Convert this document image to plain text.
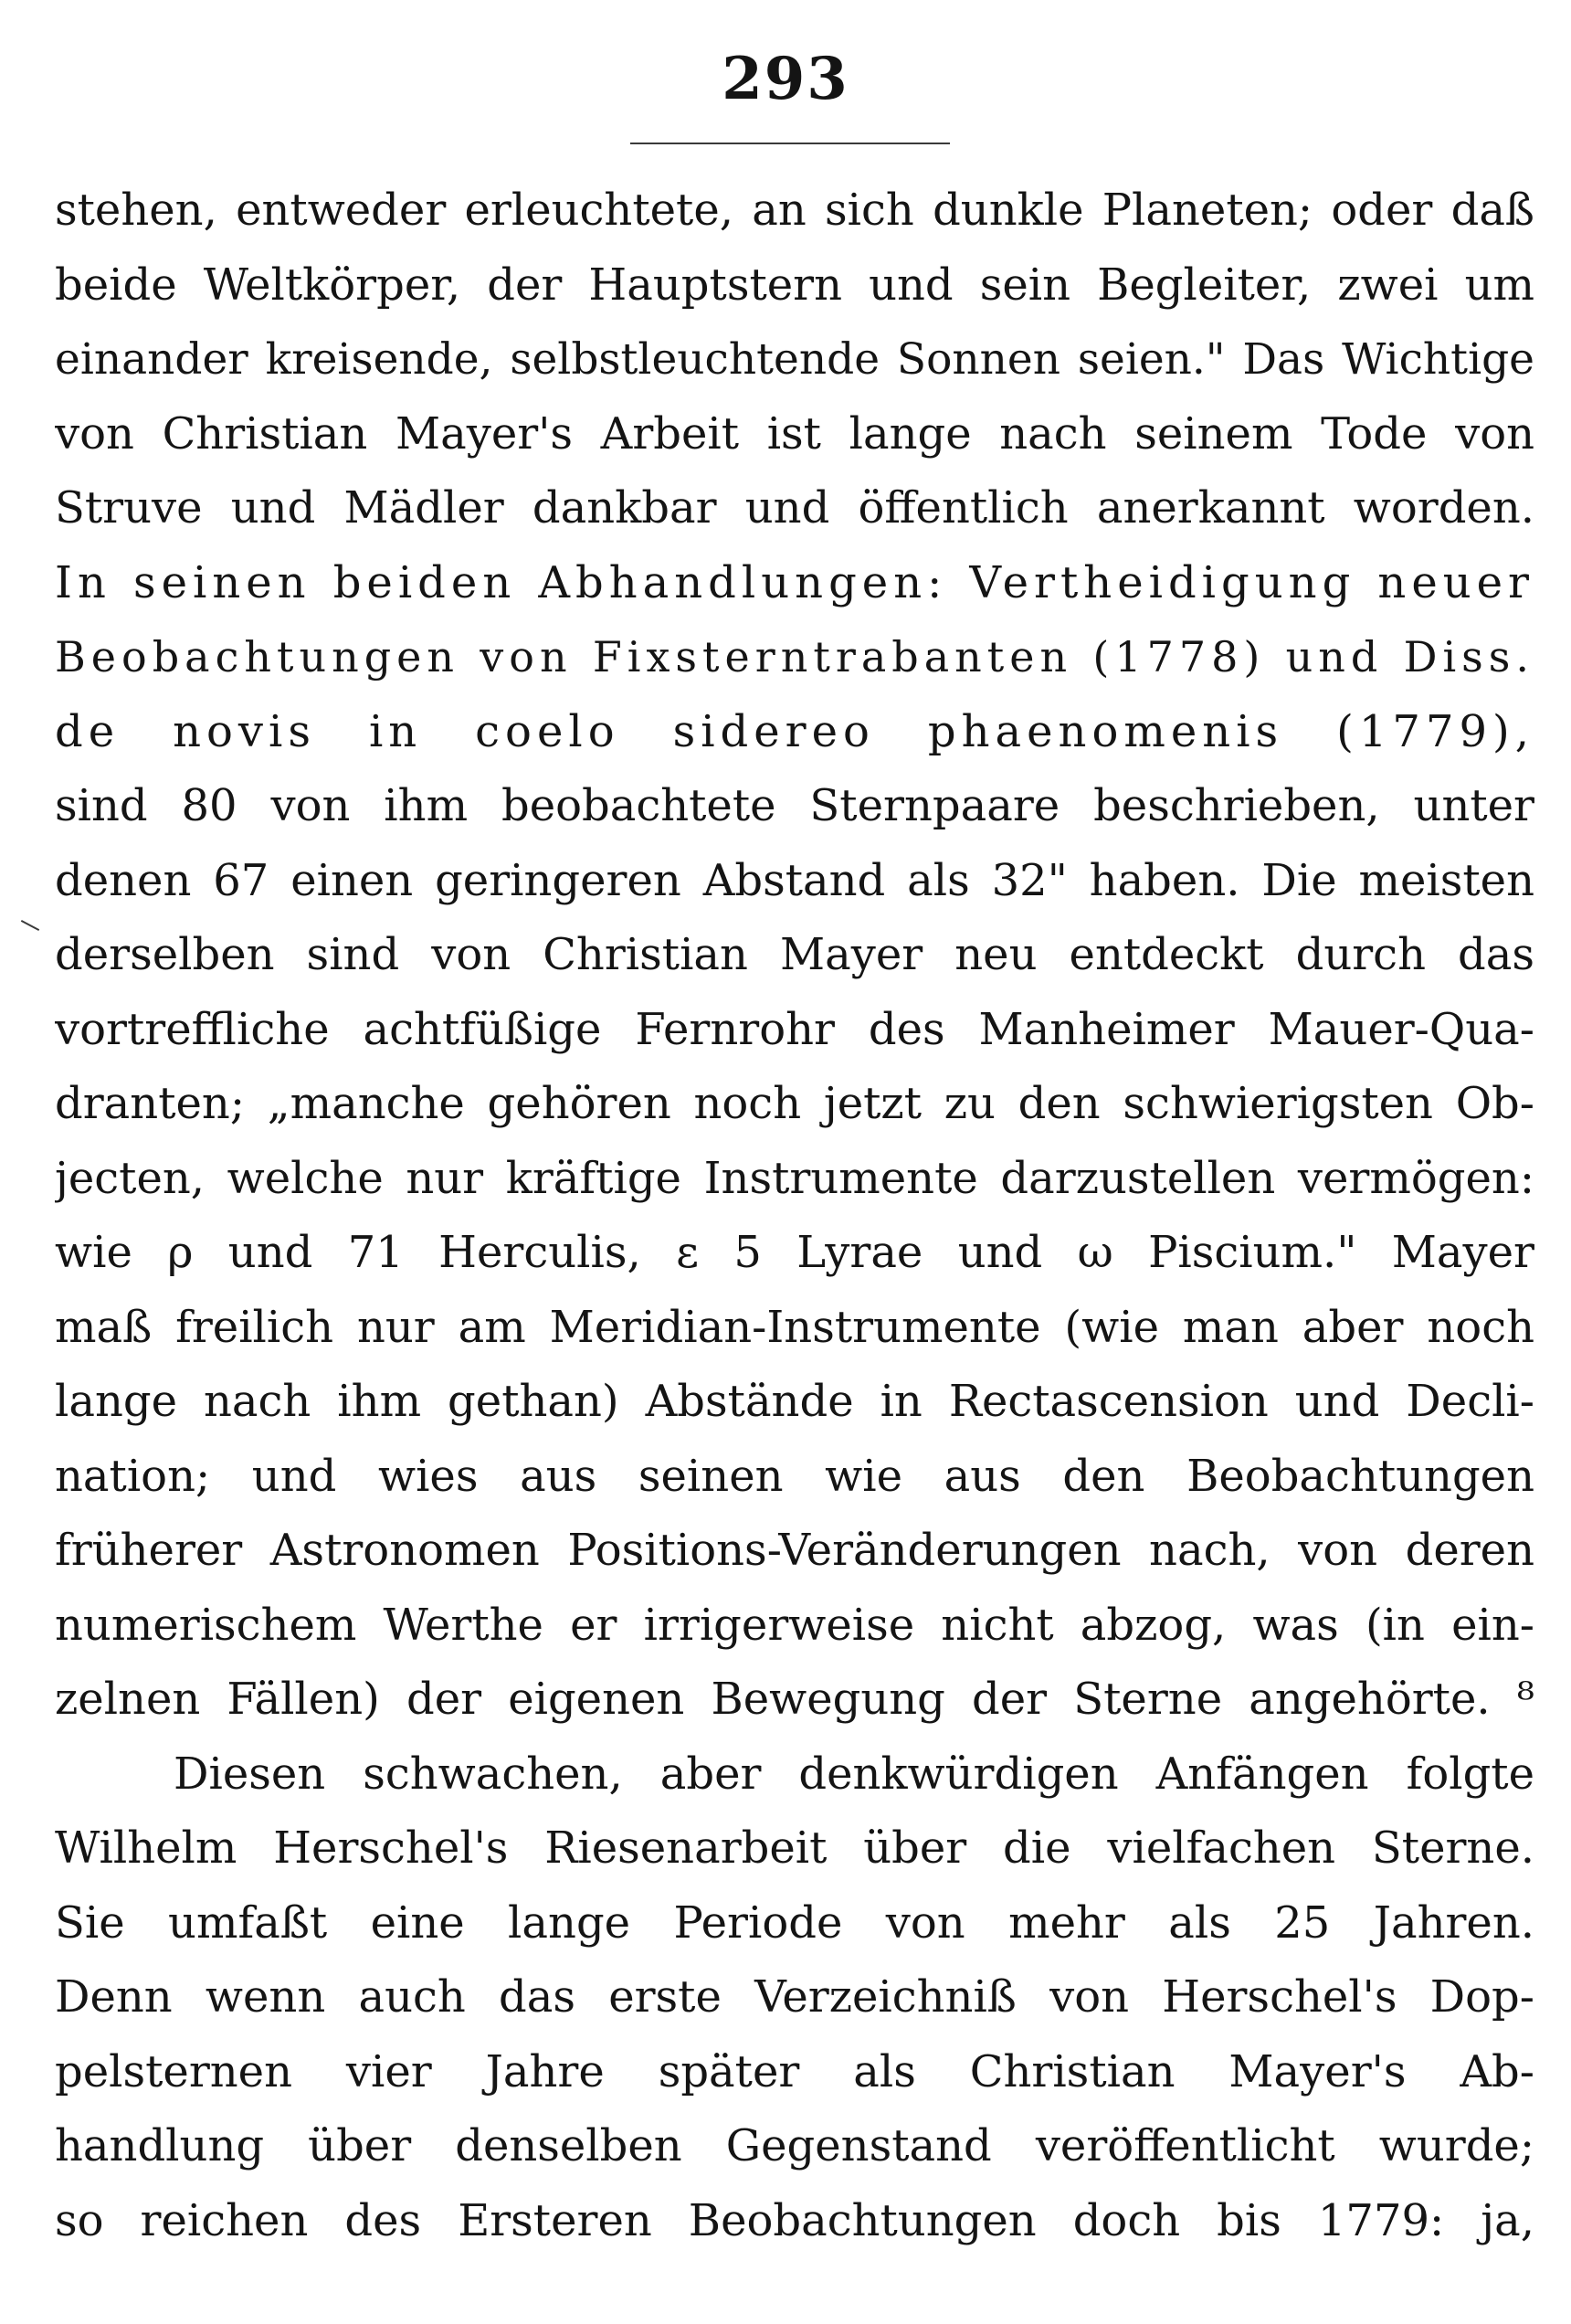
293
stehen, entweder erleuchtete, an sich dunkle Planeten; oder daß
beide Weltkörper, der Hauptstern und sein Begleiter, zwei um
einander kreisende, selbstleuchtende Sonnen seien." Das Wichtige
von Christian Mayer's Arbeit ist lange nach seinem Tode von
Struve und Mädler dankbar und öffentlich anerkannt worden.
In seinen beiden Abhandlungen: Vertheidigung neuer
Beobachtungen von Fixsterntrabanten (1778) und Diss.
de novis in coelo sidereo phaenomenis (1779),
sind 80 von ihm beobachtete Sternpaare beschrieben, unter
denen 67 einen geringeren Abstand als 32" haben. Die meisten
derselben sind von Christian Mayer neu entdeckt durch das
vortreffliche achtfüßige Fernrohr des Manheimer Mauer-Qua-
dranten; „manche gehören noch jetzt zu den schwierigsten Ob-
jecten, welche nur kräftige Instrumente darzustellen vermögen:
wie ρ und 71 Herculis, ε 5 Lyrae und ω Piscium." Mayer
maß freilich nur am Meridian-Instrumente (wie man aber noch
lange nach ihm gethan) Abstände in Rectascension und Decli-
nation; und wies aus seinen wie aus den Beobachtungen
früherer Astronomen Positions-Veränderungen nach, von deren
numerischem Werthe er irrigerweise nicht abzog, was (in ein-
zelnen Fällen) der eigenen Bewegung der Sterne angehörte. ⁸
Diesen schwachen, aber denkwürdigen Anfängen folgte
Wilhelm Herschel's Riesenarbeit über die vielfachen Sterne.
Sie umfaßt eine lange Periode von mehr als 25 Jahren.
Denn wenn auch das erste Verzeichniß von Herschel's Dop-
pelsternen vier Jahre später als Christian Mayer's Ab-
handlung über denselben Gegenstand veröffentlicht wurde;
so reichen des Ersteren Beobachtungen doch bis 1779: ja,
